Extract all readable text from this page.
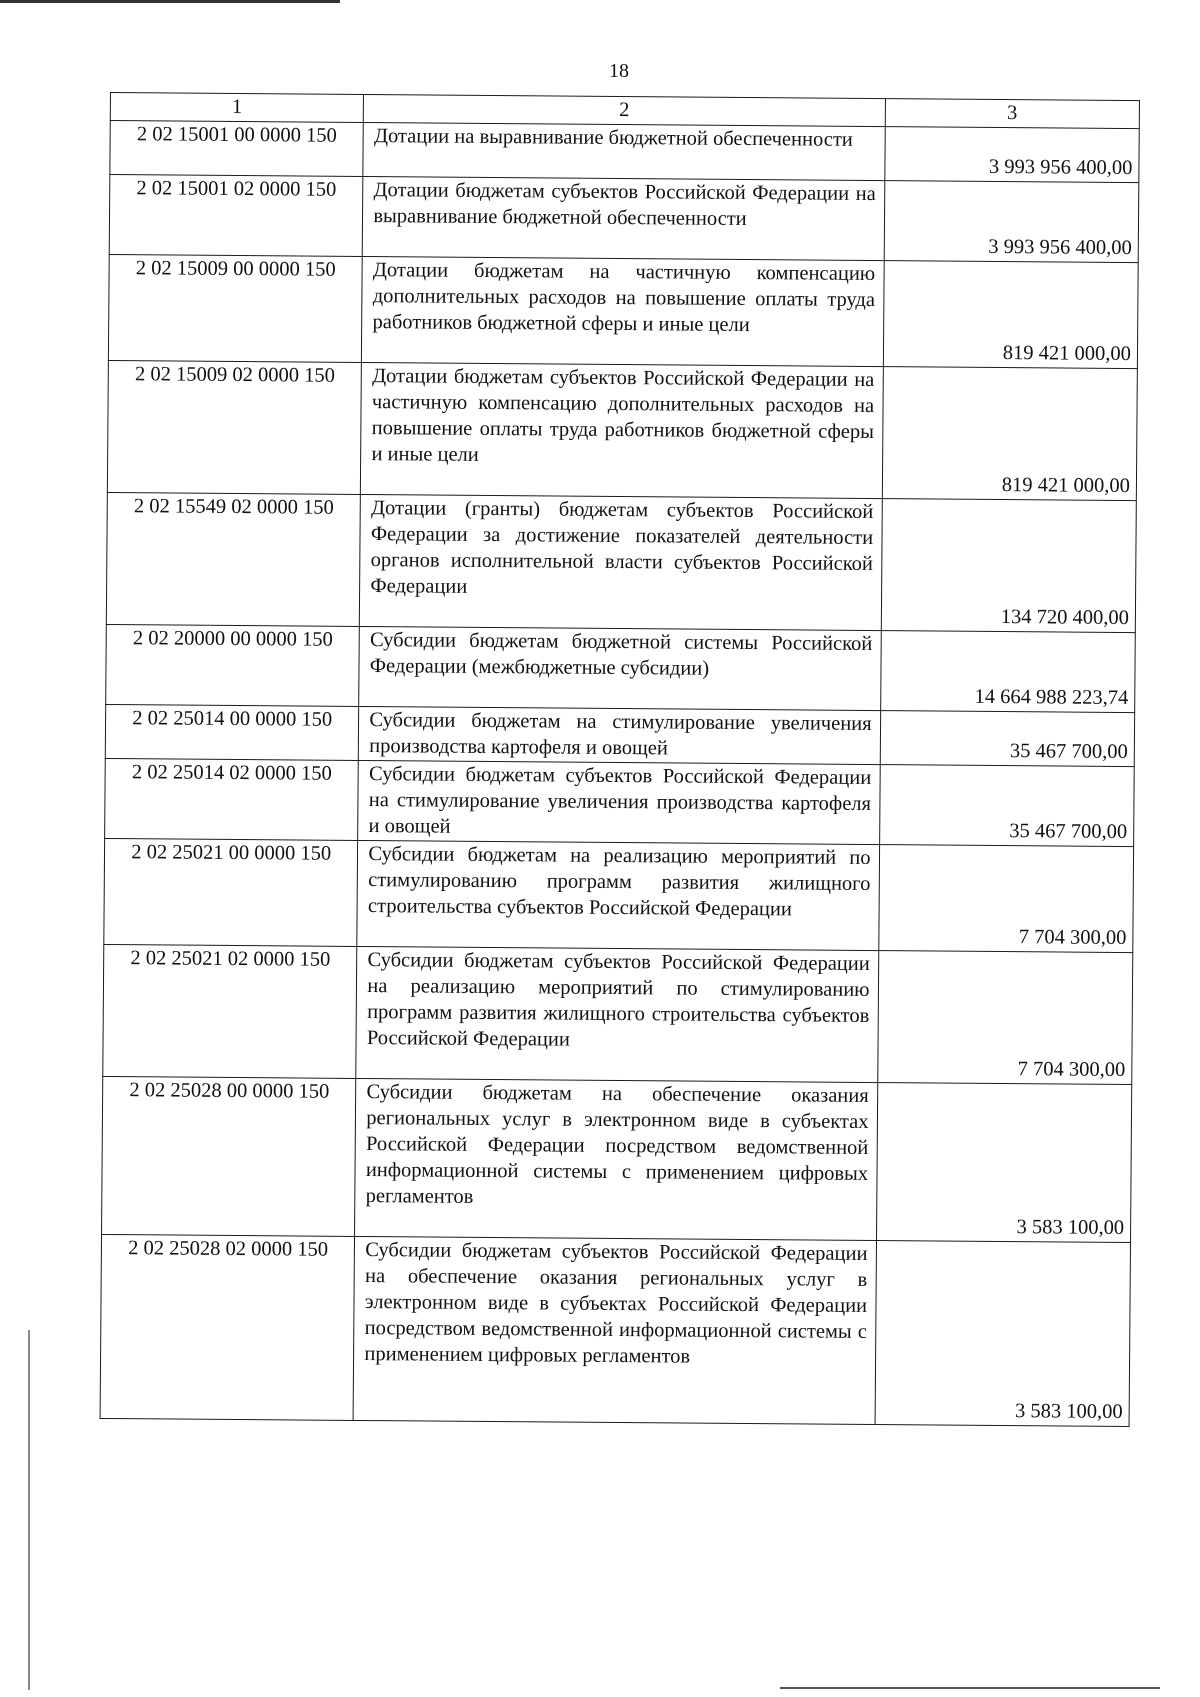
18
1	2	3
2 02 15001 00 0000 150	Дотации на выравнивание бюджетной обеспеченности	3 993 956 400,00
2 02 15001 02 0000 150	Дотации бюджетам субъектов Российской Федерации на выравнивание бюджетной обеспеченности	3 993 956 400,00
2 02 15009 00 0000 150	Дотации бюджетам на частичную компенсацию дополнительных расходов на повышение оплаты труда работников бюджетной сферы и иные цели	819 421 000,00
2 02 15009 02 0000 150	Дотации бюджетам субъектов Российской Федерации на частичную компенсацию дополнительных расходов на повышение оплаты труда работников бюджетной сферы и иные цели	819 421 000,00
2 02 15549 02 0000 150	Дотации (гранты) бюджетам субъектов Российской Федерации за достижение показателей деятельности органов исполнительной власти субъектов Российской Федерации	134 720 400,00
2 02 20000 00 0000 150	Субсидии бюджетам бюджетной системы Российской Федерации (межбюджетные субсидии)	14 664 988 223,74
2 02 25014 00 0000 150	Субсидии бюджетам на стимулирование увеличения производства картофеля и овощей	35 467 700,00
2 02 25014 02 0000 150	Субсидии бюджетам субъектов Российской Федерации на стимулирование увеличения производства картофеля и овощей	35 467 700,00
2 02 25021 00 0000 150	Субсидии бюджетам на реализацию мероприятий по стимулированию программ развития жилищного строительства субъектов Российской Федерации	7 704 300,00
2 02 25021 02 0000 150	Субсидии бюджетам субъектов Российской Федерации на реализацию мероприятий по стимулированию программ развития жилищного строительства субъектов Российской Федерации	7 704 300,00
2 02 25028 00 0000 150	Субсидии бюджетам на обеспечение оказания региональных услуг в электронном виде в субъектах Российской Федерации посредством ведомственной информационной системы с применением цифровых регламентов	3 583 100,00
2 02 25028 02 0000 150	Субсидии бюджетам субъектов Российской Федерации на обеспечение оказания региональных услуг в электронном виде в субъектах Российской Федерации посредством ведомственной информационной системы с применением цифровых регламентов	3 583 100,00
